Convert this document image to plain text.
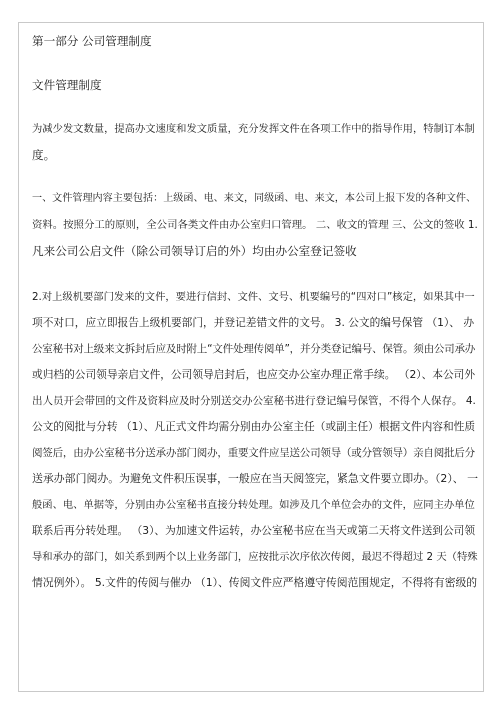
第一部分 公司管理制度
文件管理制度
为减少发文数量，提高办文速度和发文质量，充分发挥文件在各项工作中的指导作用，特制订本制
度。
一、文件管理内容主要包括：上级函、电、来文，同级函、电、来文，本公司上报下发的各种文件、
资料。按照分工的原则，全公司各类文件由办公室归口管理。 二、收文的管理 三、公文的签收 1.
凡来公司公启文件（除公司领导订启的外）均由办公室登记签收
2.对上级机要部门发来的文件，要进行信封、文件、文号、机要编号的“四对口”核定，如果其中一
项不对口，应立即报告上级机要部门，并登记差错文件的文号。 3. 公文的编号保管 （1）、 办
公室秘书对上级来文拆封后应及时附上“文件处理传阅单”，并分类登记编号、保管。须由公司承办
或归档的公司领导亲启文件，公司领导启封后，也应交办公室办理正常手续。 （2）、本公司外
出人员开会带回的文件及资料应及时分别送交办公室秘书进行登记编号保管，不得个人保存。 4.
公文的阅批与分转 （1）、凡正式文件均需分别由办公室主任（或副主任）根据文件内容和性质
阅签后，由办公室秘书分送承办部门阅办，重要文件应呈送公司领导（或分管领导）亲自阅批后分
送承办部门阅办。为避免文件积压误事，一般应在当天阅签完，紧急文件要立即办。（2）、 一
般函、电、单据等，分别由办公室秘书直接分转处理。如涉及几个单位会办的文件，应同主办单位
联系后再分转处理。 （3）、为加速文件运转，办公室秘书应在当天或第二天将文件送到公司领
导和承办的部门，如关系到两个以上业务部门，应按批示次序依次传阅，最迟不得超过 2 天（特殊
情况例外）。 5.文件的传阅与催办 （1）、传阅文件应严格遵守传阅范围规定，不得将有密级的
